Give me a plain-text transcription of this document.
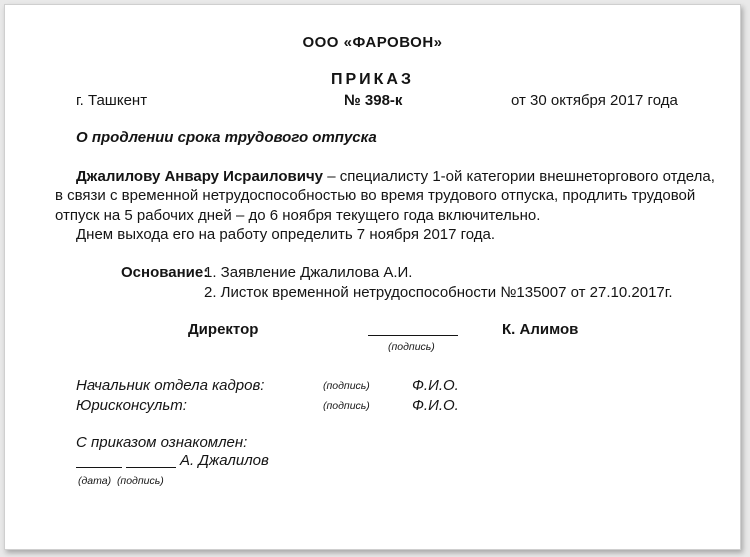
ООО «ФАРОВОН»
ПРИКАЗ
г. Ташкент	№ 398-к	от 30 октября 2017 года
О продлении срока трудового отпуска
Джалилову Анвару Исраиловичу – специалисту 1-ой категории внешнеторгового отдела,
в связи с временной нетрудоспособностью во время трудового отпуска, продлить трудовой
отпуск на 5 рабочих дней – до 6 ноября текущего года включительно.
Днем выхода его на работу определить 7 ноября 2017 года.
Основание:
1. Заявление Джалилова А.И.
2. Листок временной нетрудоспособности №135007 от 27.10.2017г.
Директор	К. Алимов
(подпись)
Начальник отдела кадров:	(подпись)	Ф.И.О.
Юрисконсульт:	(подпись)	Ф.И.О.
С приказом ознакомлен:
А. Джалилов
(дата)  (подпись)
